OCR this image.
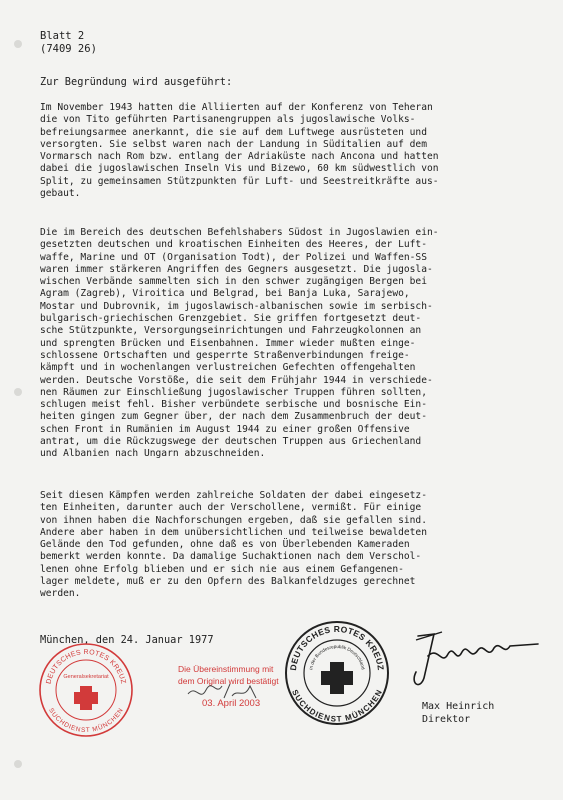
Blatt 2
(7409 26)
Zur Begründung wird ausgeführt:
Im November 1943 hatten die Alliierten auf der Konferenz von Teheran
die von Tito geführten Partisanengruppen als jugoslawische Volks-
befreiungsarmee anerkannt, die sie auf dem Luftwege ausrüsteten und
versorgten. Sie selbst waren nach der Landung in Süditalien auf dem
Vormarsch nach Rom bzw. entlang der Adriaküste nach Ancona und hatten
dabei die jugoslawischen Inseln Vis und Bizewo, 60 km südwestlich von
Split, zu gemeinsamen Stützpunkten für Luft- und Seestreitkräfte aus-
gebaut.
Die im Bereich des deutschen Befehlshabers Südost in Jugoslawien ein-
gesetzten deutschen und kroatischen Einheiten des Heeres, der Luft-
waffe, Marine und OT (Organisation Todt), der Polizei und Waffen-SS
waren immer stärkeren Angriffen des Gegners ausgesetzt. Die jugosla-
wischen Verbände sammelten sich in den schwer zugängigen Bergen bei
Agram (Zagreb), Viroitica und Belgrad, bei Banja Luka, Sarajewo,
Mostar und Dubrovnik, im jugoslawisch-albanischen sowie im serbisch-
bulgarisch-griechischen Grenzgebiet. Sie griffen fortgesetzt deut-
sche Stützpunkte, Versorgungseinrichtungen und Fahrzeugkolonnen an
und sprengten Brücken und Eisenbahnen. Immer wieder mußten einge-
schlossene Ortschaften und gesperrte Straßenverbindungen freige-
kämpft und in wochenlangen verlustreichen Gefechten offengehalten
werden. Deutsche Vorstöße, die seit dem Frühjahr 1944 in verschiede-
nen Räumen zur Einschließung jugoslawischer Truppen führen sollten,
schlugen meist fehl. Bisher verbündete serbische und bosnische Ein-
heiten gingen zum Gegner über, der nach dem Zusammenbruch der deut-
schen Front in Rumänien im August 1944 zu einer großen Offensive
antrat, um die Rückzugswege der deutschen Truppen aus Griechenland
und Albanien nach Ungarn abzuschneiden.
Seit diesen Kämpfen werden zahlreiche Soldaten der dabei eingesetz-
ten Einheiten, darunter auch der Verschollene, vermißt. Für einige
von ihnen haben die Nachforschungen ergeben, daß sie gefallen sind.
Andere aber haben in dem unübersichtlichen und teilweise bewaldeten
Gelände den Tod gefunden, ohne daß es von Überlebenden Kameraden
bemerkt werden konnte. Da damalige Suchaktionen nach dem Verschol-
lenen ohne Erfolg blieben und er sich nie aus einem Gefangenen-
lager meldete, muß er zu den Opfern des Balkanfeldzuges gerechnet
werden.
München, den 24. Januar 1977
DEUTSCHES ROTES KREUZ
SUCHDIENST MÜNCHEN
Generalsekretariat
Die Übereinstimmung mit
dem Original wird bestätigt
03. April 2003
DEUTSCHES ROTES KREUZ
SUCHDIENST MÜNCHEN
in der Bundesrepublik Deutschland
Max Heinrich
Direktor
